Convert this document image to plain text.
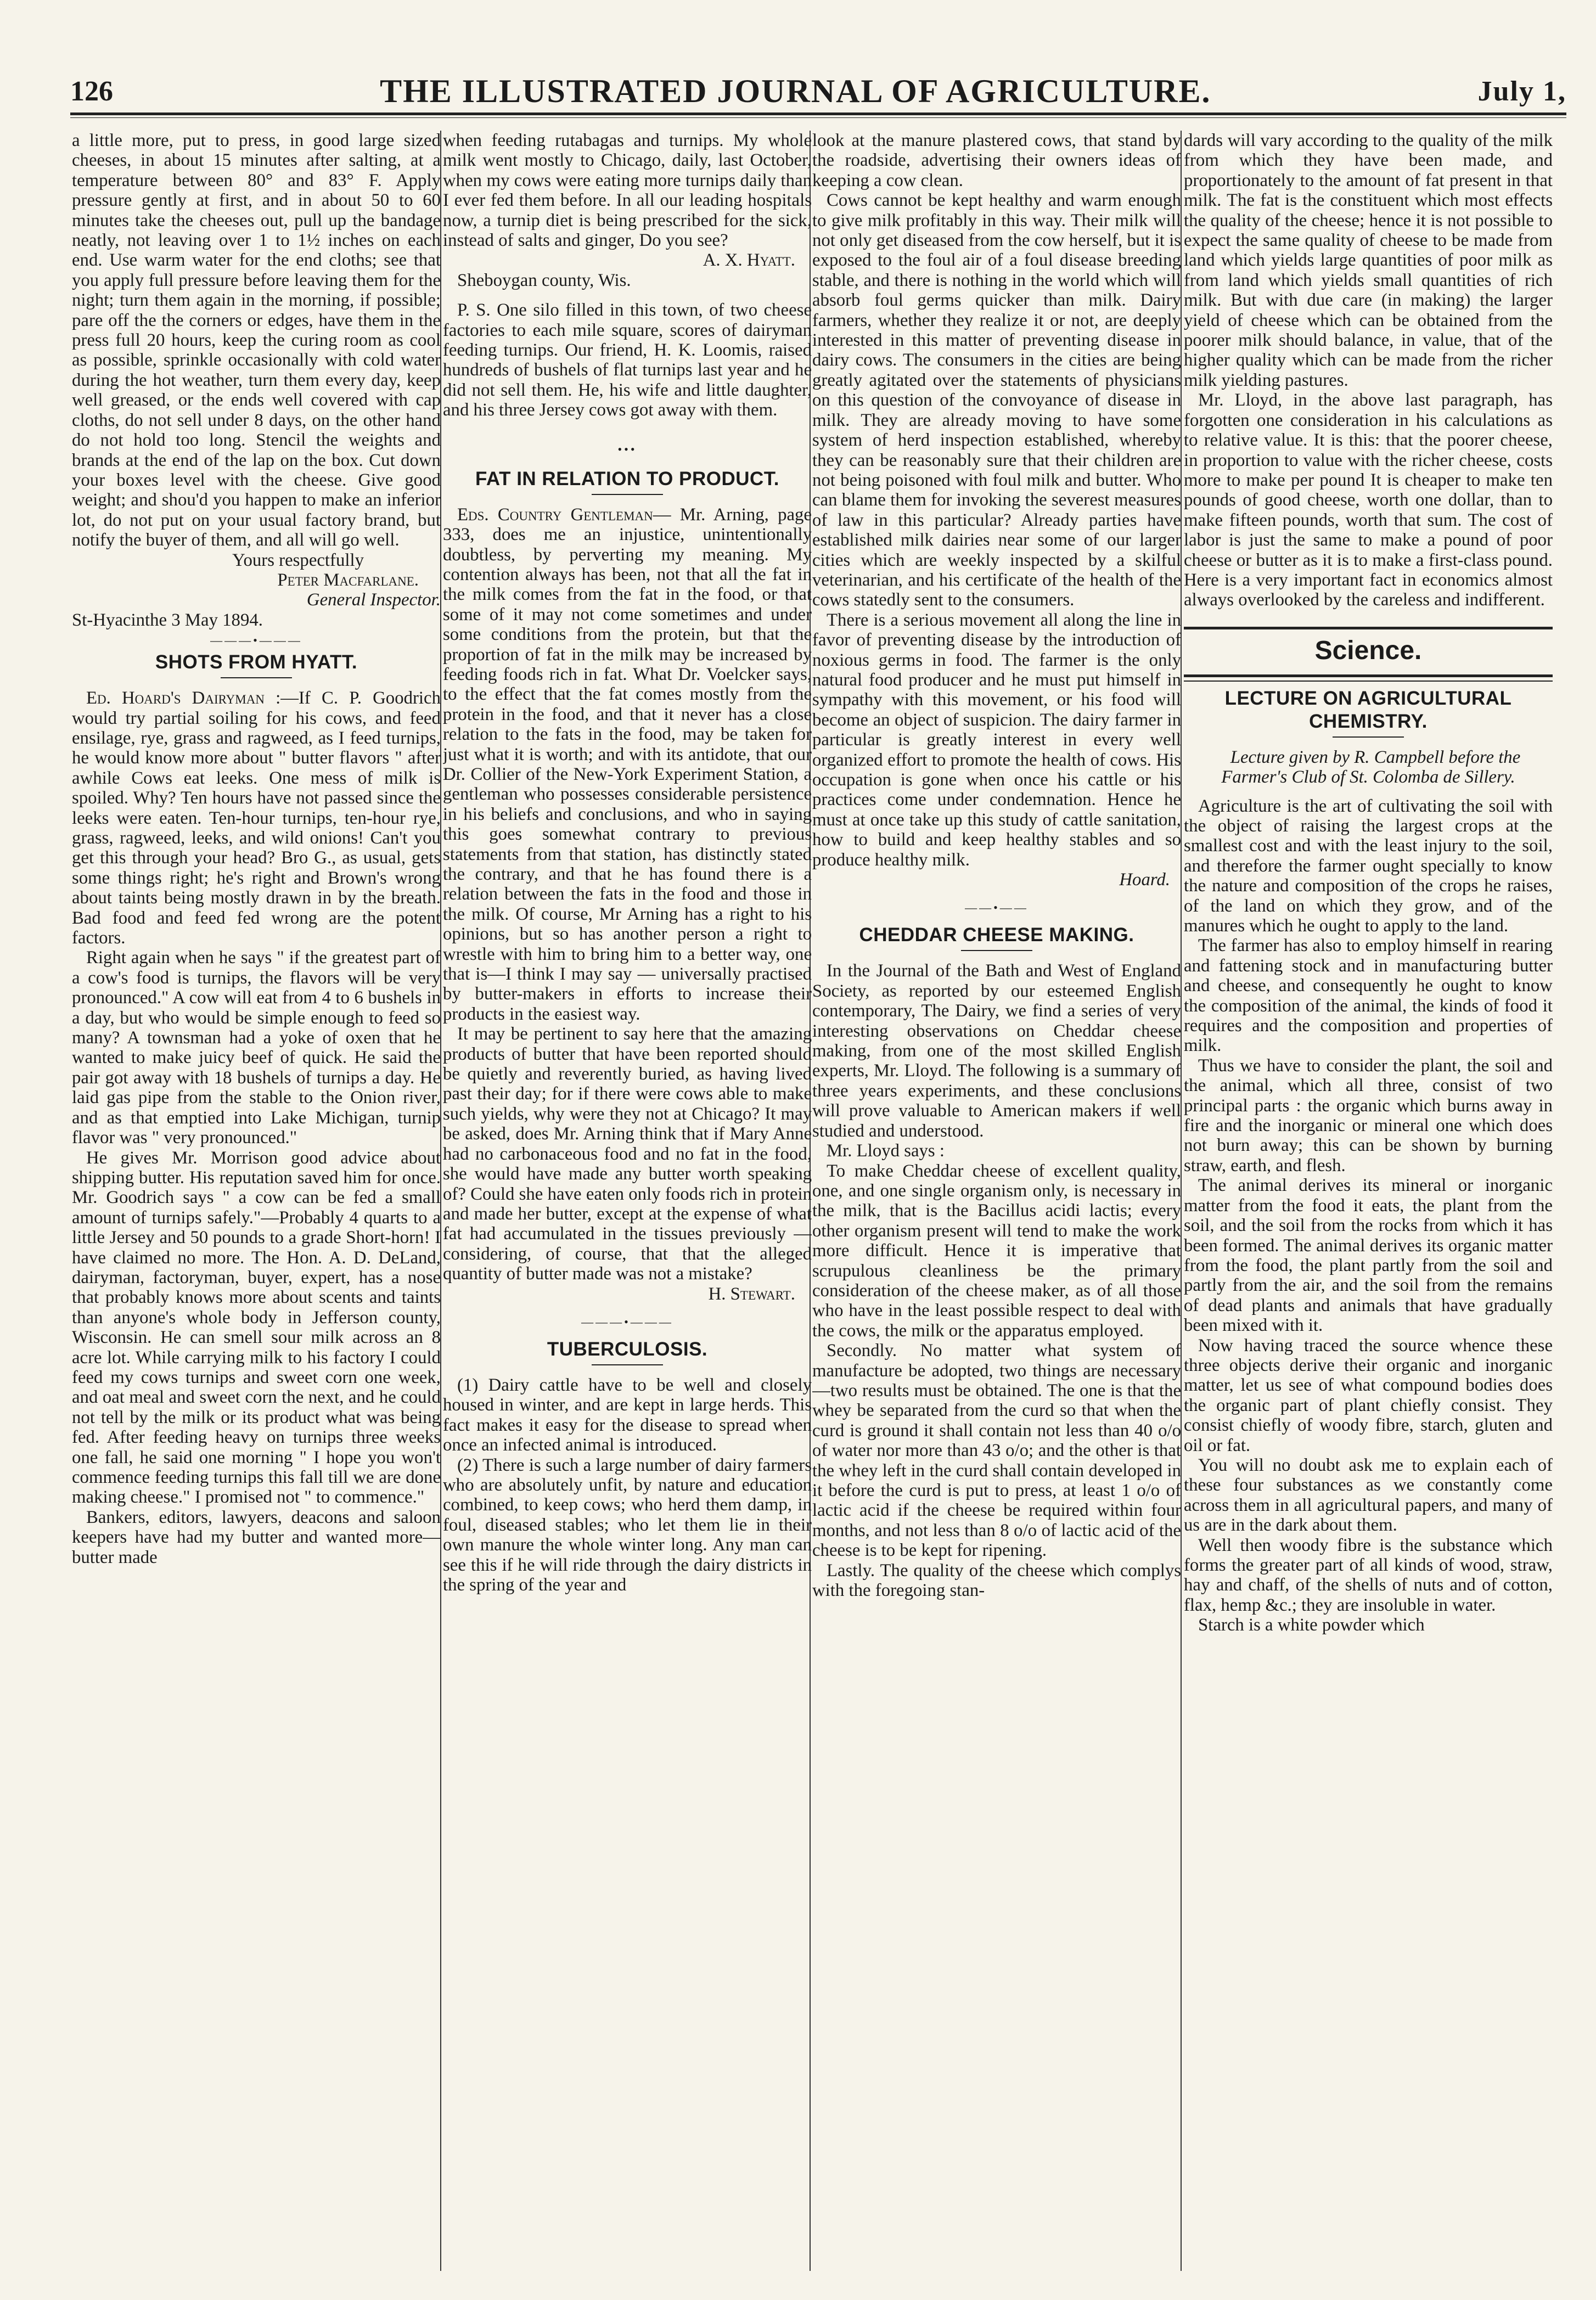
126	THE ILLUSTRATED JOURNAL OF AGRICULTURE.	July 1,

a little more, put to press, in good large sized cheeses, in about 15 minutes after salting, at a temperature between 80° and 83° F. Apply pressure gently at first, and in about 50 to 60 minutes take the cheeses out, pull up the bandage neatly, not leaving over 1 to 1½ inches on each end. Use warm water for the end cloths; see that you apply full pressure before leaving them for the night; turn them again in the morning, if possible; pare off the the corners or edges, have them in the press full 20 hours, keep the curing room as cool as possible, sprinkle occasionally with cold water during the hot weather, turn them every day, keep well greased, or the ends well covered with cap cloths, do not sell under 8 days, on the other hand do not hold too long. Stencil the weights and brands at the end of the lap on the box. Cut down your boxes level with the cheese. Give good weight; and shou'd you happen to make an inferior lot, do not put on your usual factory brand, but notify the buyer of them, and all will go well.

Yours respectfully

Peter Macfarlane.

General Inspector.

St-Hyacinthe 3 May 1894.

———•———
SHOTS FROM HYATT.

Ed. Hoard's Dairyman :—If C. P. Goodrich would try partial soiling for his cows, and feed ensilage, rye, grass and ragweed, as I feed turnips, he would know more about " butter flavors " after awhile Cows eat leeks. One mess of milk is spoiled. Why? Ten hours have not passed since the leeks were eaten. Ten-hour turnips, ten-hour rye, grass, ragweed, leeks, and wild onions! Can't you get this through your head? Bro G., as usual, gets some things right; he's right and Brown's wrong about taints being mostly drawn in by the breath. Bad food and feed fed wrong are the potent factors.

Right again when he says " if the greatest part of a cow's food is turnips, the flavors will be very pronounced." A cow will eat from 4 to 6 bushels in a day, but who would be simple enough to feed so many? A townsman had a yoke of oxen that he wanted to make juicy beef of quick. He said the pair got away with 18 bushels of turnips a day. He laid gas pipe from the stable to the Onion river, and as that emptied into Lake Michigan, turnip flavor was " very pronounced."

He gives Mr. Morrison good advice about shipping butter. His reputation saved him for once. Mr. Goodrich says " a cow can be fed a small amount of turnips safely."—Probably 4 quarts to a little Jersey and 50 pounds to a grade Short-horn! I have claimed no more. The Hon. A. D. DeLand, dairyman, factoryman, buyer, expert, has a nose that probably knows more about scents and taints than anyone's whole body in Jefferson county, Wisconsin. He can smell sour milk across an 8 acre lot. While carrying milk to his factory I could feed my cows turnips and sweet corn one week, and oat meal and sweet corn the next, and he could not tell by the milk or its product what was being fed. After feeding heavy on turnips three weeks one fall, he said one morning " I hope you won't commence feeding turnips this fall till we are done making cheese." I promised not " to commence."

Bankers, editors, lawyers, deacons and saloon keepers have had my butter and wanted more—butter made

when feeding rutabagas and turnips. My whole milk went mostly to Chicago, daily, last October, when my cows were eating more turnips daily than I ever fed them before. In all our leading hospitals now, a turnip diet is being prescribed for the sick, instead of salts and ginger, Do you see?

A. X. Hyatt.

Sheboygan county, Wis.

P. S. One silo filled in this town, of two cheese factories to each mile square, scores of dairyman feeding turnips. Our friend, H. K. Loomis, raised hundreds of bushels of flat turnips last year and he did not sell them. He, his wife and little daughter, and his three Jersey cows got away with them.

•••
FAT IN RELATION TO PRODUCT.

Eds. Country Gentleman— Mr. Arning, page 333, does me an injustice, unintentionally doubtless, by perverting my meaning. My contention always has been, not that all the fat in the milk comes from the fat in the food, or that some of it may not come sometimes and under some conditions from the protein, but that the proportion of fat in the milk may be increased by feeding foods rich in fat. What Dr. Voelcker says, to the effect that the fat comes mostly from the protein in the food, and that it never has a close relation to the fats in the food, may be taken for just what it is worth; and with its antidote, that our Dr. Collier of the New-York Experiment Station, a gentleman who possesses considerable persistence in his beliefs and conclusions, and who in saying this goes somewhat contrary to previous statements from that station, has distinctly stated the contrary, and that he has found there is a relation between the fats in the food and those in the milk. Of course, Mr Arning has a right to his opinions, but so has another person a right to wrestle with him to bring him to a better way, one that is—I think I may say — universally practised by butter-makers in efforts to increase their products in the easiest way.

It may be pertinent to say here that the amazing products of butter that have been reported should be quietly and reverently buried, as having lived past their day; for if there were cows able to make such yields, why were they not at Chicago? It may be asked, does Mr. Arning think that if Mary Anne had no carbonaceous food and no fat in the food, she would have made any butter worth speaking of? Could she have eaten only foods rich in protein and made her butter, except at the expense of what fat had accumulated in the tissues previously —considering, of course, that that the alleged quantity of butter made was not a mistake?

H. Stewart.

———•———
TUBERCULOSIS.

(1) Dairy cattle have to be well and closely housed in winter, and are kept in large herds. This fact makes it easy for the disease to spread when once an infected animal is introduced.

(2) There is such a large number of dairy farmers who are absolutely unfit, by nature and education combined, to keep cows; who herd them damp, in foul, diseased stables; who let them lie in their own manure the whole winter long. Any man can see this if he will ride through the dairy districts in the spring of the year and

look at the manure plastered cows, that stand by the roadside, advertising their owners ideas of keeping a cow clean.

Cows cannot be kept healthy and warm enough to give milk profitably in this way. Their milk will not only get diseased from the cow herself, but it is exposed to the foul air of a foul disease breeding stable, and there is nothing in the world which will absorb foul germs quicker than milk. Dairy farmers, whether they realize it or not, are deeply interested in this matter of preventing disease in dairy cows. The consumers in the cities are being greatly agitated over the statements of physicians on this question of the convoyance of disease in milk. They are already moving to have some system of herd inspection established, whereby they can be reasonably sure that their children are not being poisoned with foul milk and butter. Who can blame them for invoking the severest measures of law in this particular? Already parties have established milk dairies near some of our larger cities which are weekly inspected by a skilful veterinarian, and his certificate of the health of the cows statedly sent to the consumers.

There is a serious movement all along the line in favor of preventing disease by the introduction of noxious germs in food. The farmer is the only natural food producer and he must put himself in sympathy with this movement, or his food will become an object of suspicion. The dairy farmer in particular is greatly interest in every well organized effort to promote the health of cows. His occupation is gone when once his cattle or his practices come under condemnation. Hence he must at once take up this study of cattle sanitation, how to build and keep healthy stables and so produce healthy milk.

Hoard.

——•——
CHEDDAR CHEESE MAKING.

In the Journal of the Bath and West of England Society, as reported by our esteemed English contemporary, The Dairy, we find a series of very interesting observations on Cheddar cheese making, from one of the most skilled English experts, Mr. Lloyd. The following is a summary of three years experiments, and these conclusions will prove valuable to American makers if well studied and understood.

Mr. Lloyd says :

To make Cheddar cheese of excellent quality, one, and one single organism only, is necessary in the milk, that is the Bacillus acidi lactis; every other organism present will tend to make the work more difficult. Hence it is imperative that scrupulous cleanliness be the primary consideration of the cheese maker, as of all those who have in the least possible respect to deal with the cows, the milk or the apparatus employed.

Secondly. No matter what system of manufacture be adopted, two things are necessary—two results must be obtained. The one is that the whey be separated from the curd so that when the curd is ground it shall contain not less than 40 o/o of water nor more than 43 o/o; and the other is that the whey left in the curd shall contain developed in it before the curd is put to press, at least 1 o/o of lactic acid if the cheese be required within four months, and not less than 8 o/o of lactic acid of the cheese is to be kept for ripening.

Lastly. The quality of the cheese which complys with the foregoing stan-

dards will vary according to the quality of the milk from which they have been made, and proportionately to the amount of fat present in that milk. The fat is the constituent which most effects the quality of the cheese; hence it is not possible to expect the same quality of cheese to be made from land which yields large quantities of poor milk as from land which yields small quantities of rich milk. But with due care (in making) the larger yield of cheese which can be obtained from the poorer milk should balance, in value, that of the higher quality which can be made from the richer milk yielding pastures.

Mr. Lloyd, in the above last paragraph, has forgotten one consideration in his calculations as to relative value. It is this: that the poorer cheese, in proportion to value with the richer cheese, costs more to make per pound It is cheaper to make ten pounds of good cheese, worth one dollar, than to make fifteen pounds, worth that sum. The cost of labor is just the same to make a pound of poor cheese or butter as it is to make a first-class pound. Here is a very important fact in economics almost always overlooked by the careless and indifferent.

Science.
LECTURE ON AGRICULTURAL CHEMISTRY.

Lecture given by R. Campbell before the Farmer's Club of St. Colomba de Sillery.

Agriculture is the art of cultivating the soil with the object of raising the largest crops at the smallest cost and with the least injury to the soil, and therefore the farmer ought specially to know the nature and composition of the crops he raises, of the land on which they grow, and of the manures which he ought to apply to the land.

The farmer has also to employ himself in rearing and fattening stock and in manufacturing butter and cheese, and consequently he ought to know the composition of the animal, the kinds of food it requires and the composition and properties of milk.

Thus we have to consider the plant, the soil and the animal, which all three, consist of two principal parts : the organic which burns away in fire and the inorganic or mineral one which does not burn away; this can be shown by burning straw, earth, and flesh.

The animal derives its mineral or inorganic matter from the food it eats, the plant from the soil, and the soil from the rocks from which it has been formed. The animal derives its organic matter from the food, the plant partly from the soil and partly from the air, and the soil from the remains of dead plants and animals that have gradually been mixed with it.

Now having traced the source whence these three objects derive their organic and inorganic matter, let us see of what compound bodies does the organic part of plant chiefly consist. They consist chiefly of woody fibre, starch, gluten and oil or fat.

You will no doubt ask me to explain each of these four substances as we constantly come across them in all agricultural papers, and many of us are in the dark about them.

Well then woody fibre is the substance which forms the greater part of all kinds of wood, straw, hay and chaff, of the shells of nuts and of cotton, flax, hemp &c.; they are insoluble in water.

Starch is a white powder which
